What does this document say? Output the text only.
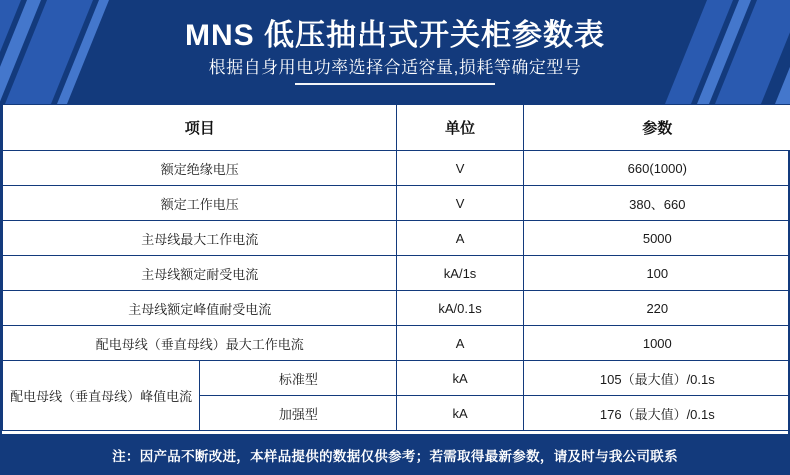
MNS 低压抽出式开关柜参数表
根据自身用电功率选择合适容量,损耗等确定型号
项目		单位	参数
额定绝缘电压		V	660(1000)
额定工作电压		V	380、660
主母线最大工作电流		A	5000
主母线额定耐受电流		kA/1s	100
主母线额定峰值耐受电流		kA/0.1s	220
配电母线（垂直母线）最大工作电流		A	1000
配电母线（垂直母线）峰值电流	标准型	kA	105（最大值）/0.1s
	加强型	kA	176（最大值）/0.1s
注：因产品不断改进，本样品提供的数据仅供参考；若需取得最新参数，请及时与我公司联系
